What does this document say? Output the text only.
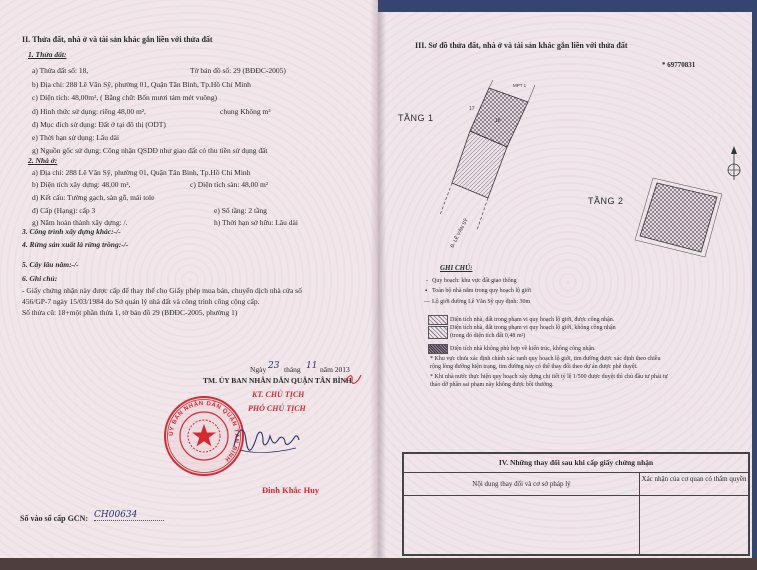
II. Thửa đất, nhà ở và tài sản khác gắn liền với thửa đất
1. Thửa đất:
a) Thửa đất số: 18,	Tờ bản đồ số: 29 (BĐĐC-2005)
b) Địa chỉ: 288 Lê Văn Sỹ, phường 01, Quận Tân Bình, Tp.Hồ Chí Minh
c) Diện tích: 48,00m², ( Bằng chữ: Bốn mươi tám mét vuông)
d) Hình thức sử dụng: riêng 48,00 m²,	chung Không m²
đ) Mục đích sử dụng: Đất ở tại đô thị (ODT)
e) Thời hạn sử dụng: Lâu dài
g) Nguồn gốc sử dụng: Công nhận QSDĐ như giao đất có thu tiền sử dụng đất
2. Nhà ở:
a) Địa chỉ: 288 Lê Văn Sỹ, phường 01, Quận Tân Bình, Tp.Hồ Chí Minh
b) Diện tích xây dựng: 48,00 m²,	c) Diện tích sàn: 48,00 m²
d) Kết cấu: Tường gạch, sàn gỗ, mái tole
đ) Cấp (Hạng): cấp 3	e) Số tầng: 2 tầng
g) Năm hoàn thành xây dựng: /.	h) Thời hạn sở hữu: Lâu dài
3. Công trình xây dựng khác:-/-
4. Rừng sản xuất là rừng trồng:-/-
5. Cây lâu năm:-/-
6. Ghi chú:
- Giấy chứng nhận này được cấp để thay thế cho Giấy phép mua bán, chuyển dịch nhà cửa số
456/GP-7 ngày 15/03/1984 do Sở quản lý nhà đất và công trình công cộng cấp.
Số thửa cũ: 18+một phần thửa 1, tờ bản đồ 29 (BĐĐC-2005, phường 1)
Ngày 23 tháng 11 năm 2013
TM. ỦY BAN NHÂN DÂN QUẬN TÂN BÌNH
KT. CHỦ TỊCH
PHÓ CHỦ TỊCH
ỦY BAN NHÂN DÂN QUẬN TÂN BÌNH
Đinh Khắc Huy
Số vào sổ cấp GCN: CH00634
III. Sơ đồ thửa đất, nhà ở và tài sản khác gắn liền với thửa đất
* 69770831
TẦNG 1
TẦNG 2
MPT 1
17
18
Đ. LÊ VĂN SỸ
GHI CHÚ:
- Quy hoạch: khu vực đất giao thông
▪ Toàn bộ nhà nằm trong quy hoạch lộ giới
— Lộ giới đường Lê Văn Sỹ quy định: 30m
Diện tích nhà, đất trong phạm vi quy hoạch lộ giới, được công nhận.
Diện tích nhà, đất trong phạm vi quy hoạch lộ giới, không công nhận
(trong đó diện tích đất 0,48 m²)
Diện tích nhà không phù hợp về kiến trúc, không công nhận.
* Khu vực chưa xác định chính xác ranh quy hoạch lộ giới, tim đường được xác định theo chiều
rộng lòng đường hiện trạng, tim đường này có thể thay đổi theo dự án được phê duyệt.
* Khi nhà nước thực hiện quy hoạch xây dựng chi tiết tỷ lệ 1/500 được duyệt thì chủ đầu tư phải tự
tháo dỡ phần sai phạm này không được bồi thường.
IV. Những thay đổi sau khi cấp giấy chứng nhận
Nội dung thay đổi và cơ sở pháp lý
Xác nhận của cơ quan có thẩm quyền
